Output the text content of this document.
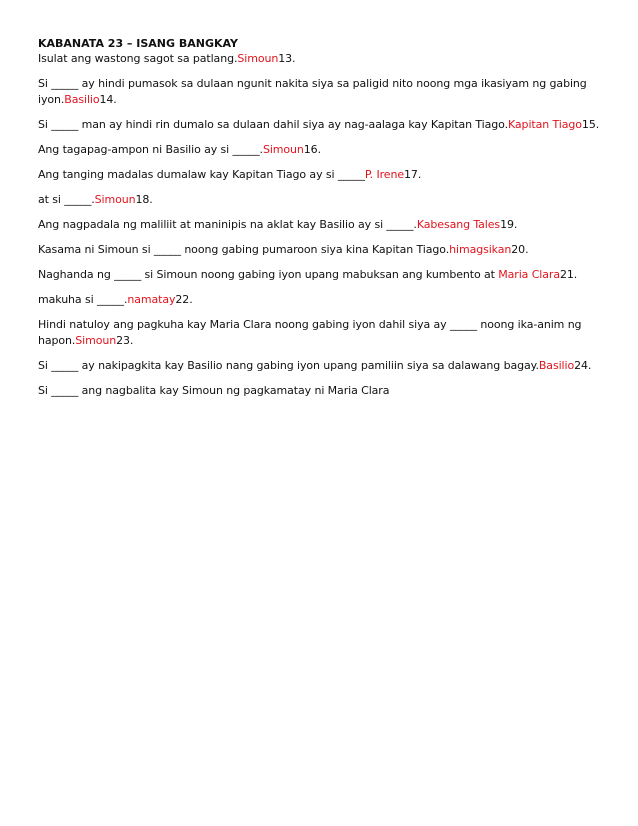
KABANATA 23 – ISANG BANGKAY

Isulat ang wastong sagot sa patlang.Simoun13.

Si _____ ay hindi pumasok sa dulaan ngunit nakita siya sa paligid nito noong mga ikasiyam ng gabing iyon.Basilio14.

Si _____ man ay hindi rin dumalo sa dulaan dahil siya ay nag-aalaga kay Kapitan Tiago.Kapitan Tiago15.

Ang tagapag-ampon ni Basilio ay si _____.Simoun16.

Ang tanging madalas dumalaw kay Kapitan Tiago ay si _____P. Irene17.

at si _____.Simoun18.

Ang nagpadala ng maliliit at maninipis na aklat kay Basilio ay si _____.Kabesang Tales19.

Kasama ni Simoun si _____ noong gabing pumaroon siya kina Kapitan Tiago.himagsikan20.

Naghanda ng _____ si Simoun noong gabing iyon upang mabuksan ang kumbento at Maria Clara21.

makuha si _____.namatay22.

Hindi natuloy ang pagkuha kay Maria Clara noong gabing iyon dahil siya ay _____ noong ika-anim ng hapon.Simoun23.

Si _____ ay nakipagkita kay Basilio nang gabing iyon upang pamiliin siya sa dalawang bagay.Basilio24.

Si _____ ang nagbalita kay Simoun ng pagkamatay ni Maria Clara
